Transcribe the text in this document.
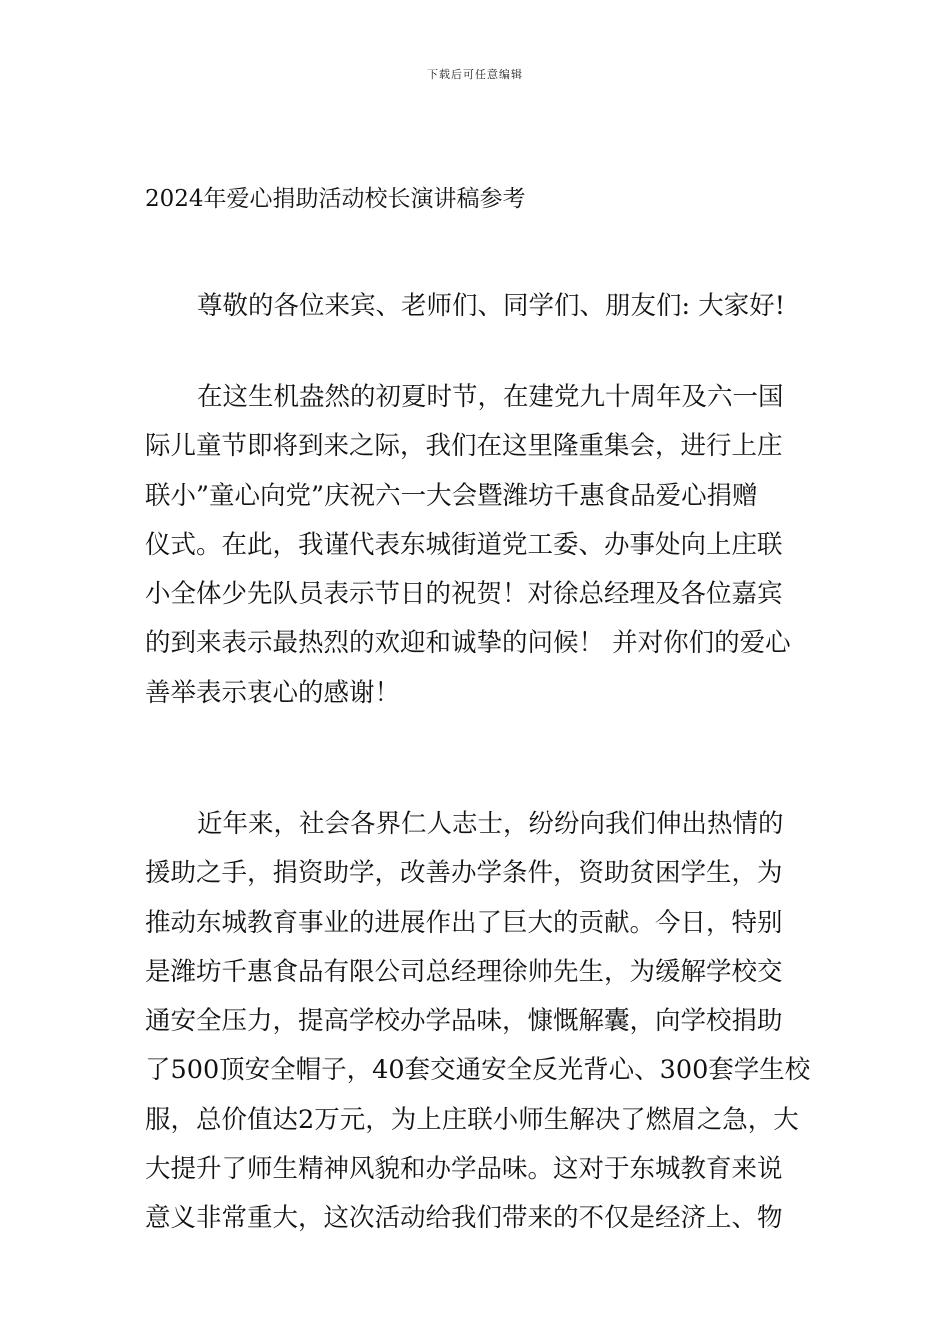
下载后可任意编辑
2024年爱心捐助活动校长演讲稿参考
尊敬的各位来宾、老师们、同学们、朋友们: 大家好!
在这生机盎然的初夏时节，在建党九十周年及六一国
际儿童节即将到来之际，我们在这里隆重集会，进行上庄
联小”童心向党”庆祝六一大会暨潍坊千惠食品爱心捐赠
仪式。在此，我谨代表东城街道党工委、办事处向上庄联
小全体少先队员表示节日的祝贺！对徐总经理及各位嘉宾
的到来表示最热烈的欢迎和诚挚的问候！ 并对你们的爱心
善举表示衷心的感谢！
近年来，社会各界仁人志士，纷纷向我们伸出热情的
援助之手，捐资助学，改善办学条件，资助贫困学生，为
推动东城教育事业的进展作出了巨大的贡献。今日，特别
是潍坊千惠食品有限公司总经理徐帅先生，为缓解学校交
通安全压力，提高学校办学品味，慷慨解囊，向学校捐助
了500顶安全帽子，40套交通安全反光背心、300套学生校
服，总价值达2万元，为上庄联小师生解决了燃眉之急，大
大提升了师生精神风貌和办学品味。这对于东城教育来说
意义非常重大，这次活动给我们带来的不仅是经济上、物
